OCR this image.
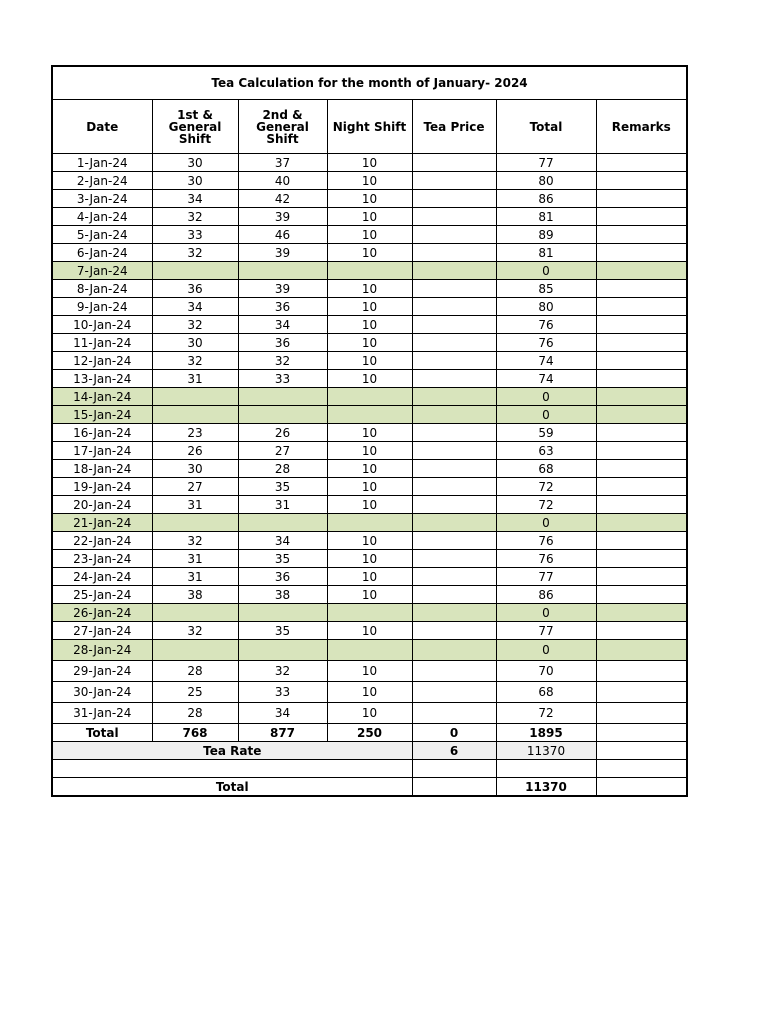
Tea Calculation for the month of January- 2024						
Date	1st & General Shift	2nd & General Shift	Night Shift	Tea Price	Total	Remarks
1-Jan-24	30	37	10		77	
2-Jan-24	30	40	10		80	
3-Jan-24	34	42	10		86	
4-Jan-24	32	39	10		81	
5-Jan-24	33	46	10		89	
6-Jan-24	32	39	10		81	
7-Jan-24					0	
8-Jan-24	36	39	10		85	
9-Jan-24	34	36	10		80	
10-Jan-24	32	34	10		76	
11-Jan-24	30	36	10		76	
12-Jan-24	32	32	10		74	
13-Jan-24	31	33	10		74	
14-Jan-24					0	
15-Jan-24					0	
16-Jan-24	23	26	10		59	
17-Jan-24	26	27	10		63	
18-Jan-24	30	28	10		68	
19-Jan-24	27	35	10		72	
20-Jan-24	31	31	10		72	
21-Jan-24					0	
22-Jan-24	32	34	10		76	
23-Jan-24	31	35	10		76	
24-Jan-24	31	36	10		77	
25-Jan-24	38	38	10		86	
26-Jan-24					0	
27-Jan-24	32	35	10		77	
28-Jan-24					0	
29-Jan-24	28	32	10		70	
30-Jan-24	25	33	10		68	
31-Jan-24	28	34	10		72	
Total	768	877	250	0	1895	
Tea Rate				6	11370	

Total					11370	
